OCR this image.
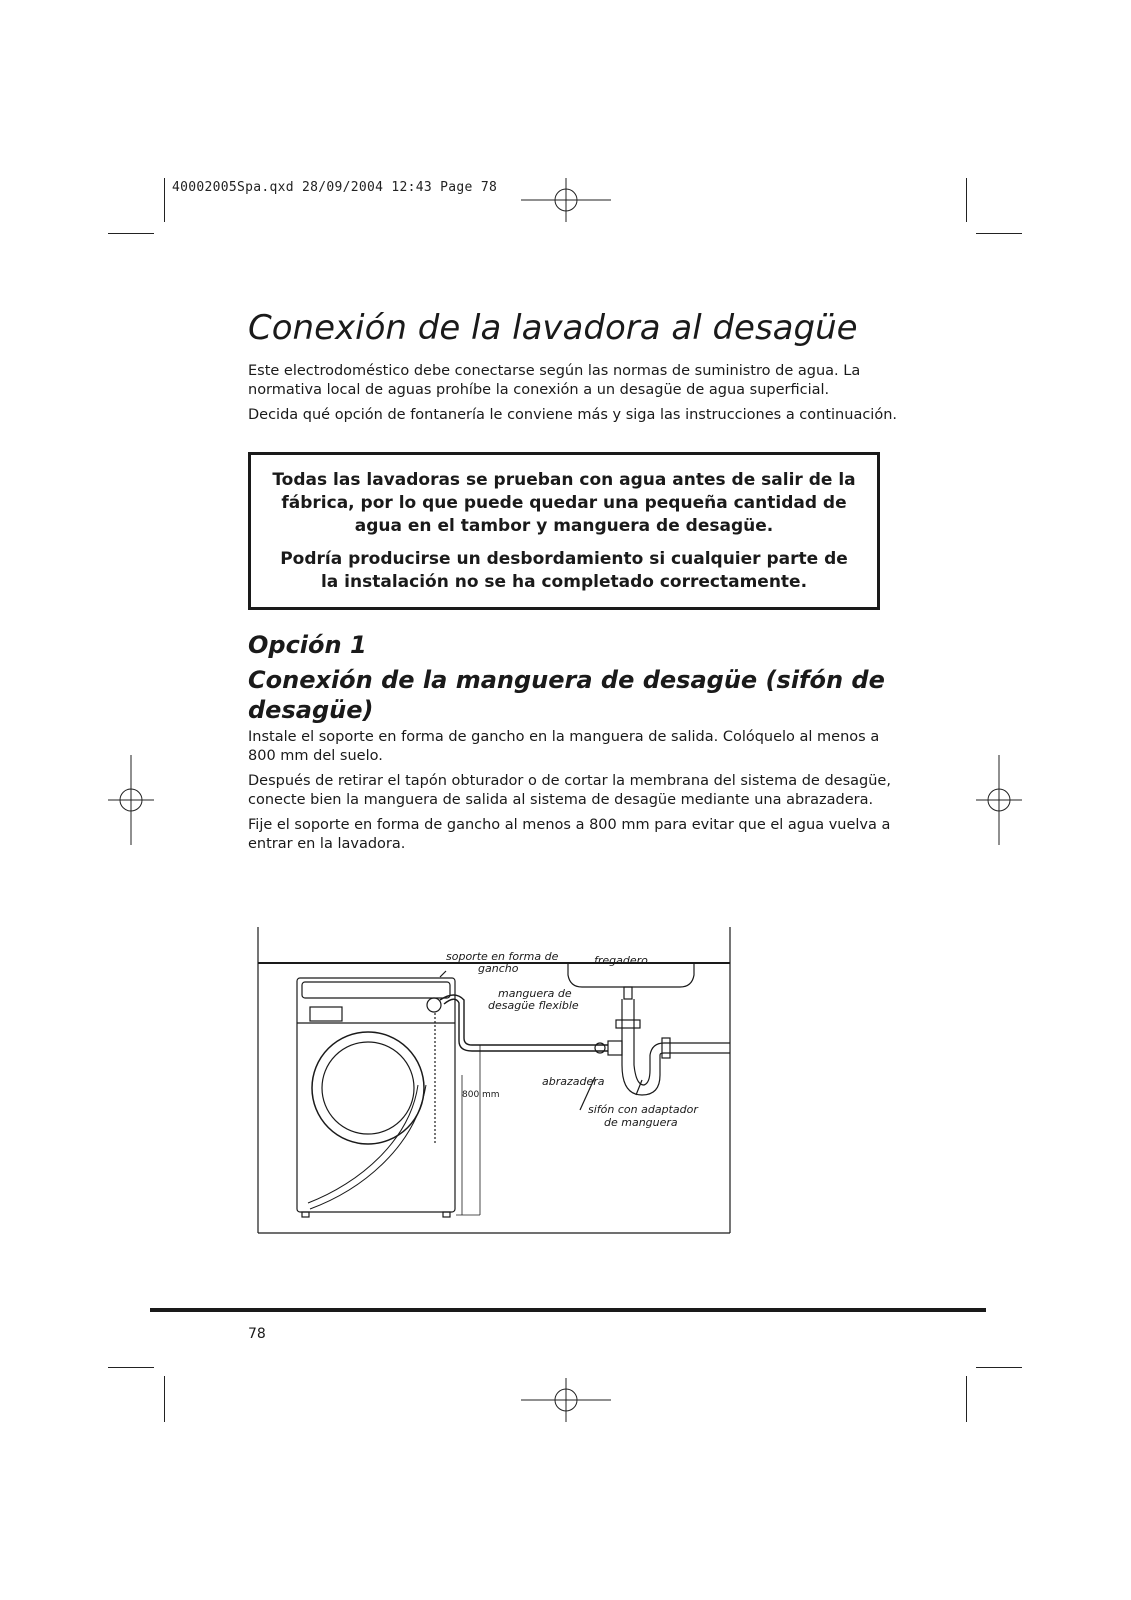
40002005Spa.qxd 28/09/2004 12:43 Page 78
Conexión de la lavadora al desagüe

Este electrodoméstico debe conectarse según las normas de suministro de agua. La normativa local de aguas prohíbe la conexión a un desagüe de agua superficial.

Decida qué opción de fontanería le conviene más y siga las instrucciones a continuación.

Todas las lavadoras se prueban con agua antes de salir de la fábrica, por lo que puede quedar una pequeña cantidad de agua en el tambor y manguera de desagüe.

Podría producirse un desbordamiento si cualquier parte de la instalación no se ha completado correctamente.

Opción 1
Conexión de la manguera de desagüe (sifón de desagüe)

Instale el soporte en forma de gancho en la manguera de salida. Colóquelo al menos a 800 mm del suelo.

Después de retirar el tapón obturador o de cortar la membrana del sistema de desagüe, conecte bien la manguera de salida al sistema de desagüe mediante una abrazadera.

Fije el soporte en forma de gancho al menos a 800 mm para evitar que el agua vuelva a entrar en la lavadora.

soporte en forma de
gancho
fregadero
manguera de
desagüe flexible
abrazadera
800 mm
sifón con adaptador
de manguera
78
